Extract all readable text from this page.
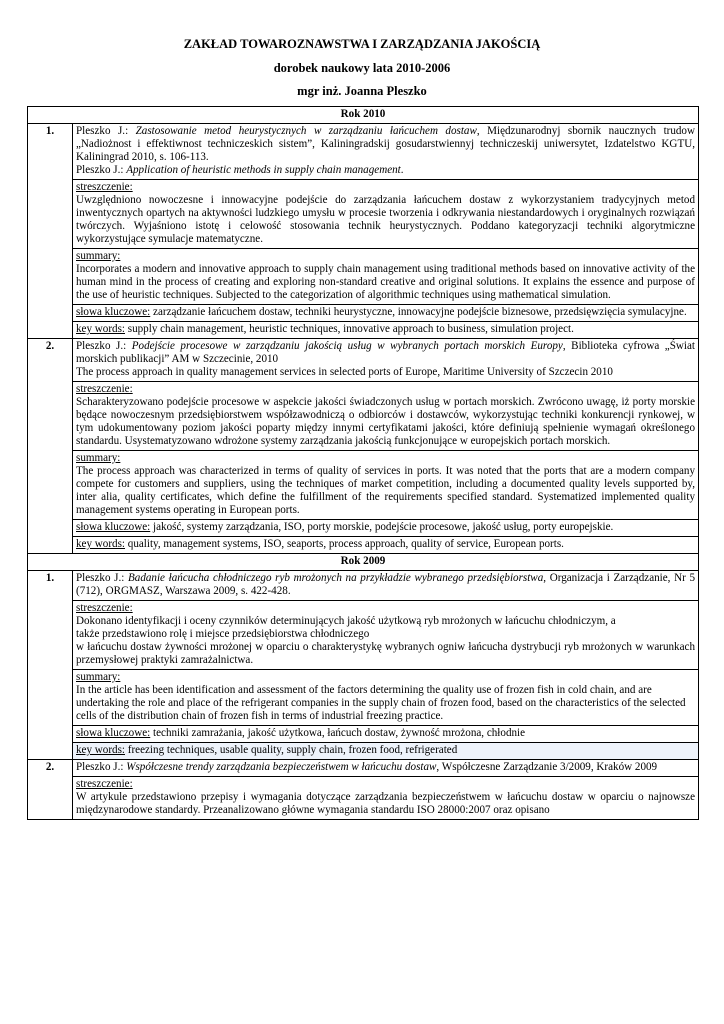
ZAKŁAD TOWAROZNAWSTWA I ZARZĄDZANIA JAKOŚCIĄ
dorobek naukowy lata 2010-2006
mgr inż. Joanna Pleszko
Rok 2010	
1.	Pleszko J.: Zastosowanie metod heurystycznych w zarządzaniu łańcuchem dostaw, Międzunarodnyj sbornik naucznych trudow „Nadiożnost i effektiwnost techniczeskich sistem”, Kaliningradskij gosudarstwiennyj techniczeskij uniwersytet, Izdatelstwo KGTU, Kaliningrad 2010, s. 106-113.
Pleszko J.: Application of heuristic methods in supply chain management.

	streszczenie:
Uwzględniono nowoczesne i innowacyjne podejście do zarządzania łańcuchem dostaw z wykorzystaniem tradycyjnych metod inwentycznych opartych na aktywności ludzkiego umysłu w procesie tworzenia i odkrywania niestandardowych i oryginalnych rozwiązań twórczych. Wyjaśniono istotę i celowość stosowania technik heurystycznych. Poddano kategoryzacji techniki algorytmiczne wykorzystujące symulacje matematyczne.

	summary:
Incorporates a modern and innovative approach to supply chain management using traditional methods based on innovative activity of the human mind in the process of creating and exploring non-standard creative and original solutions. It explains the essence and purpose of the use of heuristic techniques. Subjected to the categorization of algorithmic techniques using mathematical simulation.
	słowa kluczowe: zarządzanie łańcuchem dostaw, techniki heurystyczne, innowacyjne podejście biznesowe, przedsięwzięcia symulacyjne.
	key words: supply chain management, heuristic techniques, innovative approach to business, simulation project.
2.	Pleszko J.: Podejście procesowe w zarządzaniu jakością usług w wybranych portach morskich Europy, Biblioteka cyfrowa „Świat morskich publikacji” AM w Szczecinie, 2010
The process approach in quality management services in selected ports of Europe, Maritime University of Szczecin 2010

	streszczenie:
Scharakteryzowano podejście procesowe w aspekcie jakości świadczonych usług w portach morskich. Zwrócono uwagę, iż porty morskie będące nowoczesnym przedsiębiorstwem współzawodniczą o odbiorców i dostawców, wykorzystując techniki konkurencji rynkowej, w tym udokumentowany poziom jakości poparty między innymi certyfikatami jakości, które definiują spełnienie wymagań określonego standardu. Usystematyzowano wdrożone systemy zarządzania jakością funkcjonujące w europejskich portach morskich.

	summary:
The process approach was characterized in terms of quality of services in ports. It was noted that the ports that are a modern company compete for customers and suppliers, using the techniques of market competition, including a documented quality levels supported by, inter alia, quality certificates, which define the fulfillment of the requirements specified standard. Systematized implemented quality management systems operating in European ports.
	słowa kluczowe: jakość, systemy zarządzania, ISO, porty morskie, podejście procesowe, jakość usług, porty europejskie.
	key words: quality, management systems, ISO, seaports, process approach, quality of service, European ports.
Rok 2009	
1.	Pleszko J.: Badanie łańcucha chłodniczego ryb mrożonych na przykładzie wybranego przedsiębiorstwa, Organizacja i Zarządzanie, Nr 5 (712), ORGMASZ, Warszawa 2009, s. 422-428.

	streszczenie:
Dokonano identyfikacji i oceny czynników determinujących jakość użytkową ryb mrożonych w łańcuchu chłodniczym, a
także przedstawiono rolę i miejsce przedsiębiorstwa chłodniczego
w łańcuchu dostaw żywności mrożonej w oparciu o charakterystykę wybranych ogniw łańcucha dystrybucji ryb mrożonych w warunkach przemysłowej praktyki zamrażalnictwa.

	summary:
In the article has been identification and assessment of the factors determining the quality use of frozen fish in cold chain, and are undertaking the role and place of the refrigerant companies in the supply chain of frozen food, based on the characteristics of the selected cells of the distribution chain of frozen fish in terms of industrial freezing practice.
	słowa kluczowe: techniki zamrażania, jakość użytkowa, łańcuch dostaw, żywność mrożona, chłodnie
	key words: freezing techniques, usable quality, supply chain, frozen food, refrigerated
2.	Pleszko J.: Współczesne trendy zarządzania bezpieczeństwem w łańcuchu dostaw, Współczesne Zarządzanie 3/2009, Kraków 2009

	streszczenie:
W artykule przedstawiono przepisy i wymagania dotyczące zarządzania bezpieczeństwem w łańcuchu dostaw w oparciu o najnowsze międzynarodowe standardy. Przeanalizowano główne wymagania standardu ISO 28000:2007 oraz opisano
